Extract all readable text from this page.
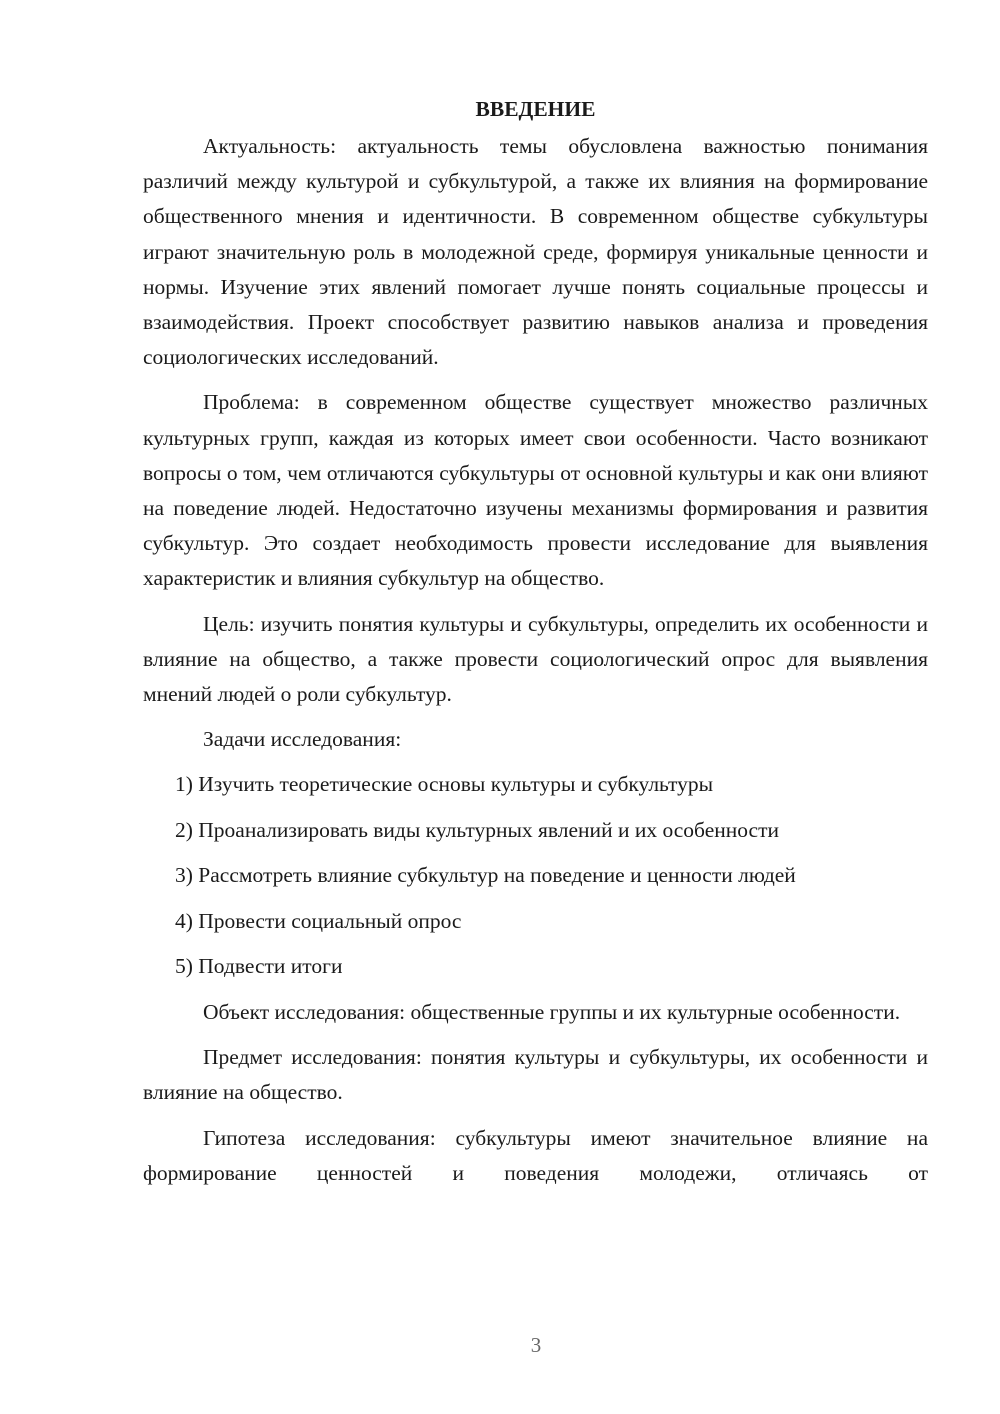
ВВЕДЕНИЕ

Актуальность: актуальность темы обусловлена важностью понимания различий между культурой и субкультурой, а также их влияния на формирование общественного мнения и идентичности. В современном обществе субкультуры играют значительную роль в молодежной среде, формируя уникальные ценности и нормы. Изучение этих явлений помогает лучше понять социальные процессы и взаимодействия. Проект способствует развитию навыков анализа и проведения социологических исследований.

Проблема: в современном обществе существует множество различных культурных групп, каждая из которых имеет свои особенности. Часто возникают вопросы о том, чем отличаются субкультуры от основной культуры и как они влияют на поведение людей. Недостаточно изучены механизмы формирования и развития субкультур. Это создает необходимость провести исследование для выявления характеристик и влияния субкультур на общество.

Цель: изучить понятия культуры и субкультуры, определить их особенности и влияние на общество, а также провести социологический опрос для выявления мнений людей о роли субкультур.

Задачи исследования:

1) Изучить теоретические основы культуры и субкультуры
2) Проанализировать виды культурных явлений и их особенности
3) Рассмотреть влияние субкультур на поведение и ценности людей
4) Провести социальный опрос
5) Подвести итоги

Объект исследования: общественные группы и их культурные особенности.

Предмет исследования: понятия культуры и субкультуры, их особенности и влияние на общество.

Гипотеза исследования: субкультуры имеют значительное влияние на формирование ценностей и поведения молодежи, отличаясь от

3
